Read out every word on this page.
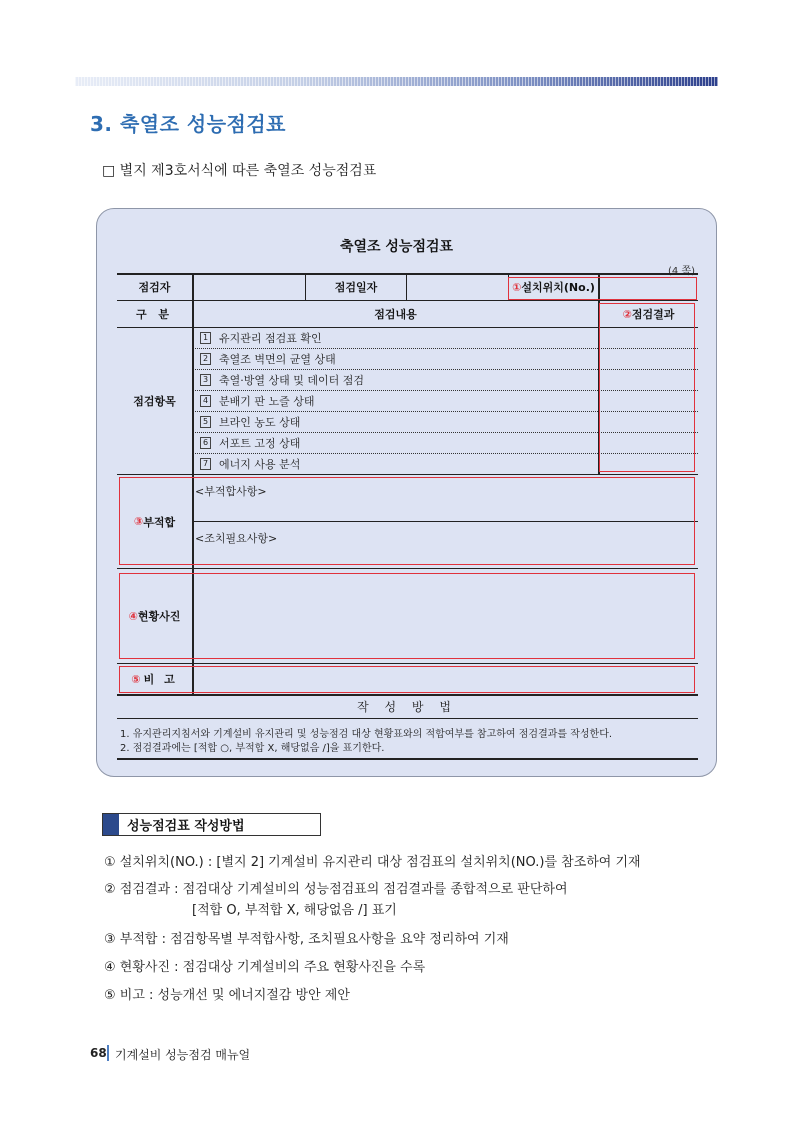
3. 축열조 성능점검표
□ 별지 제3호서식에 따른 축열조 성능점검표
축열조 성능점검표
(4 쪽)
점검자	점검일자	① 설치위치(No.)
구 분	점검내용	② 점검결과
점검항목
1 유지관리 점검표 확인
2 축열조 벽면의 균열 상태
3 축열·방열 상태 및 데이터 점검
4 분배기 판 노즐 상태
5 브라인 농도 상태
6 서포트 고정 상태
7 에너지 사용 분석
③ 부적합
<부적합사항>
<조치필요사항>
④ 현황사진
⑤ 비 고
작 성 방 법
1. 유지관리지침서와 기계설비 유지관리 및 성능점검 대상 현황표와의 적합여부를 참고하여 점검결과를 작성한다.
2. 점검결과에는 [적합 ○, 부적합 X, 해당없음 /]을 표기한다.
성능점검표 작성방법
① 설치위치(NO.) : [별지 2] 기계설비 유지관리 대상 점검표의 설치위치(NO.)를 참조하여 기재
② 점검결과 : 점검대상 기계설비의 성능점검표의 점검결과를 종합적으로 판단하여
[적합 O, 부적합 X, 해당없음 /] 표기
③ 부적합 : 점검항목별 부적합사항, 조치필요사항을 요약 정리하여 기재
④ 현황사진 : 점검대상 기계설비의 주요 현황사진을 수록
⑤ 비고 : 성능개선 및 에너지절감 방안 제안
68 기계설비 성능점검 매뉴얼
